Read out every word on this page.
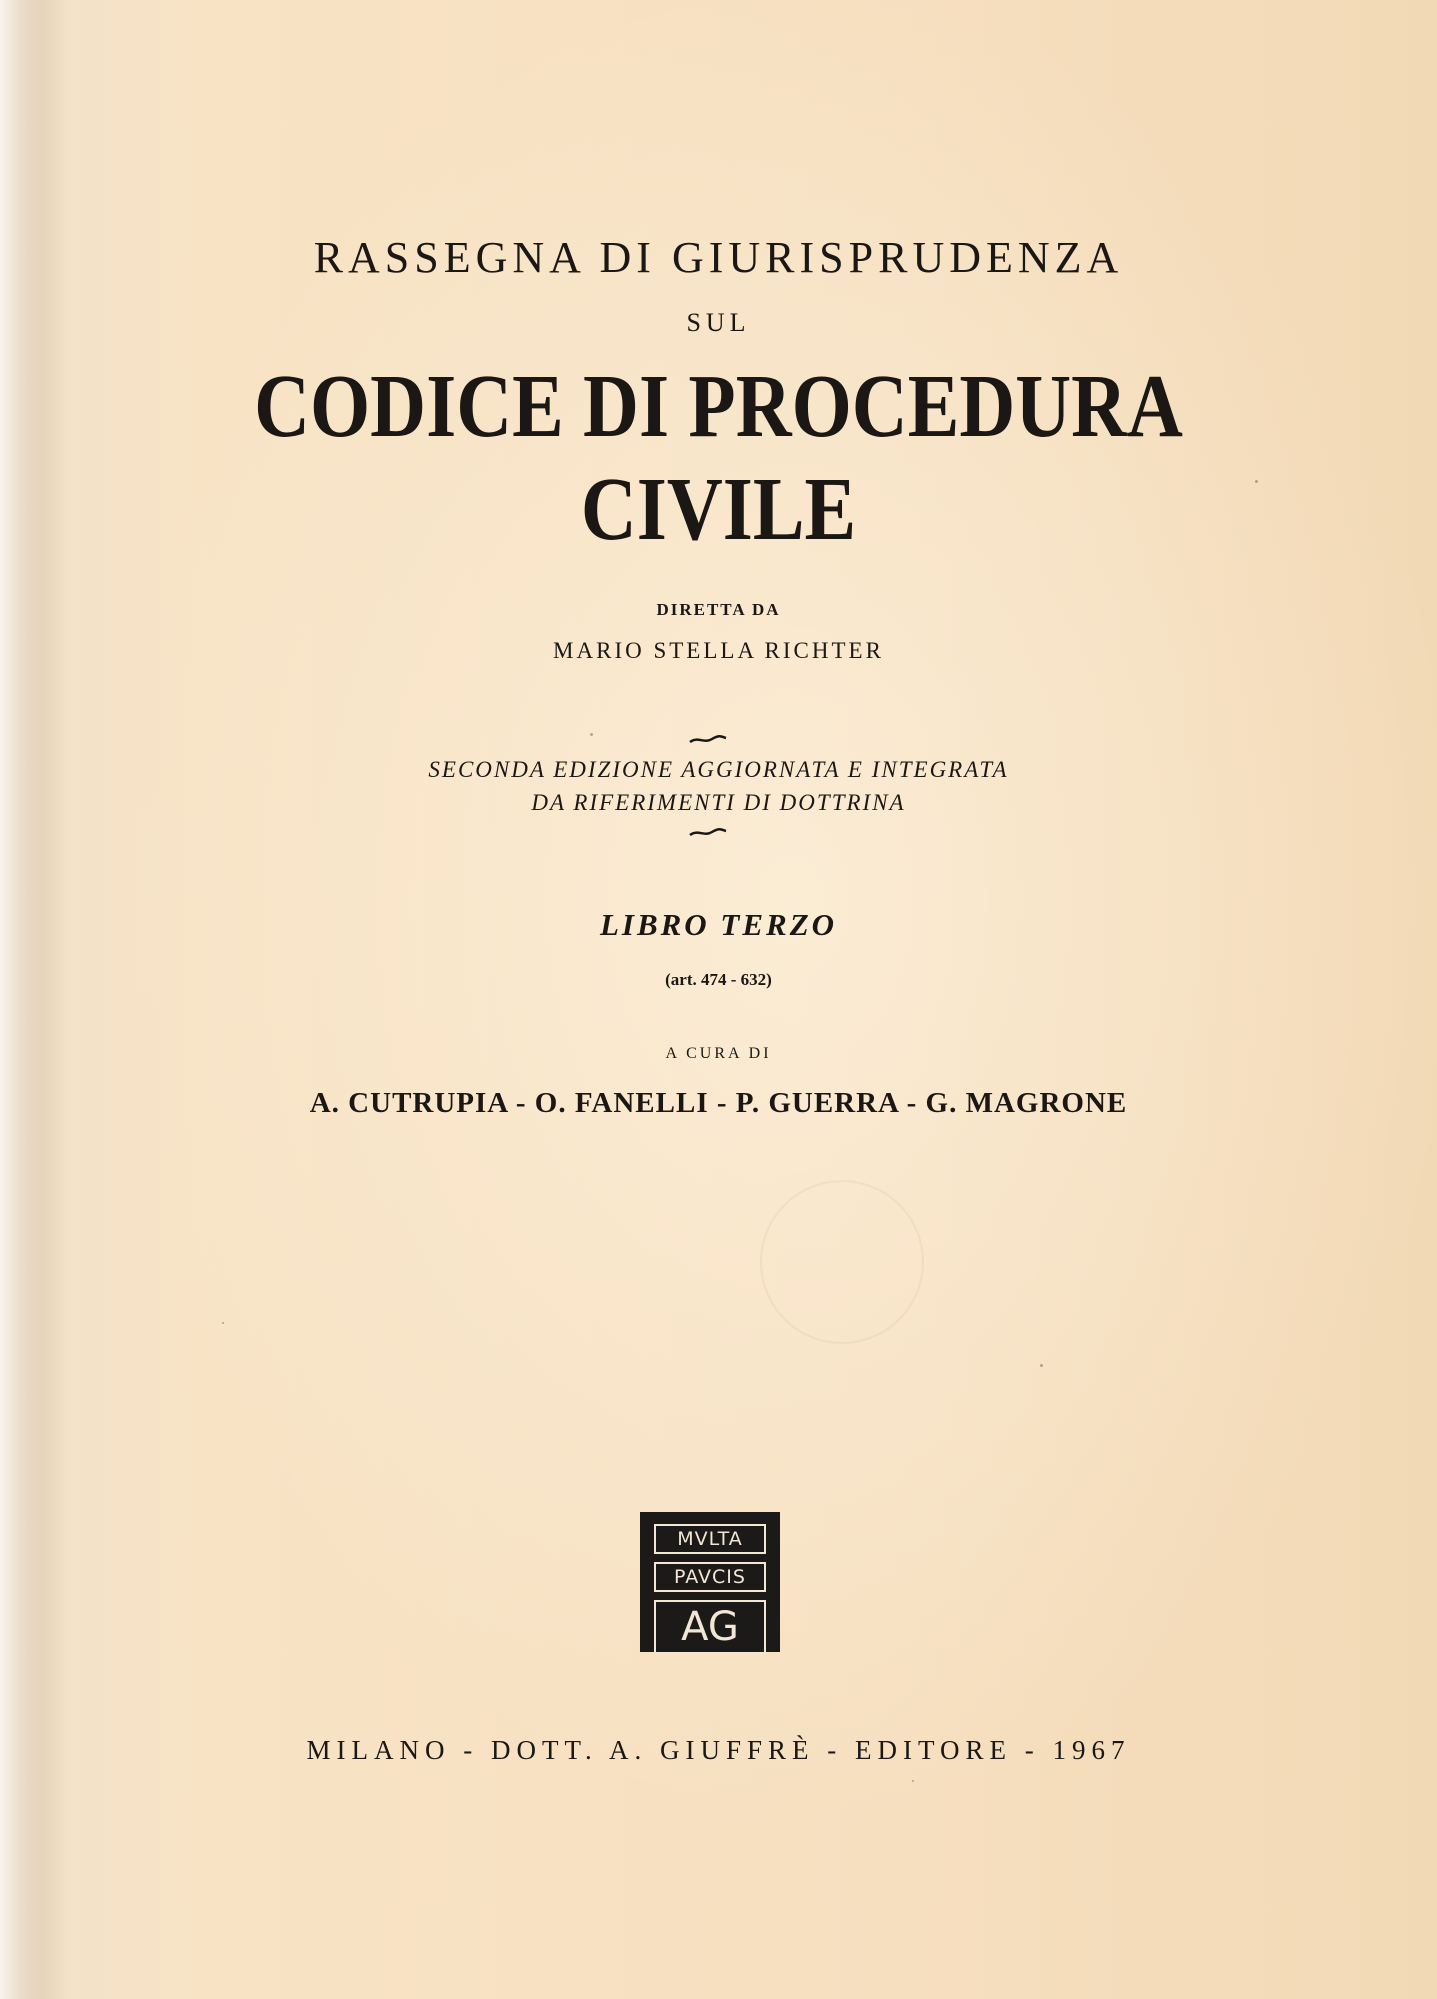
RASSEGNA DI GIURISPRUDENZA
SUL
CODICE DI PROCEDURA
CIVILE
DIRETTA DA
MARIO STELLA RICHTER
SECONDA EDIZIONE AGGIORNATA E INTEGRATA
DA RIFERIMENTI DI DOTTRINA
LIBRO TERZO
(art. 474 - 632)
A CURA DI
A. CUTRUPIA - O. FANELLI - P. GUERRA - G. MAGRONE
MVLTA
PAVCIS
AG
MILANO - DOTT. A. GIUFFRÈ - EDITORE - 1967
